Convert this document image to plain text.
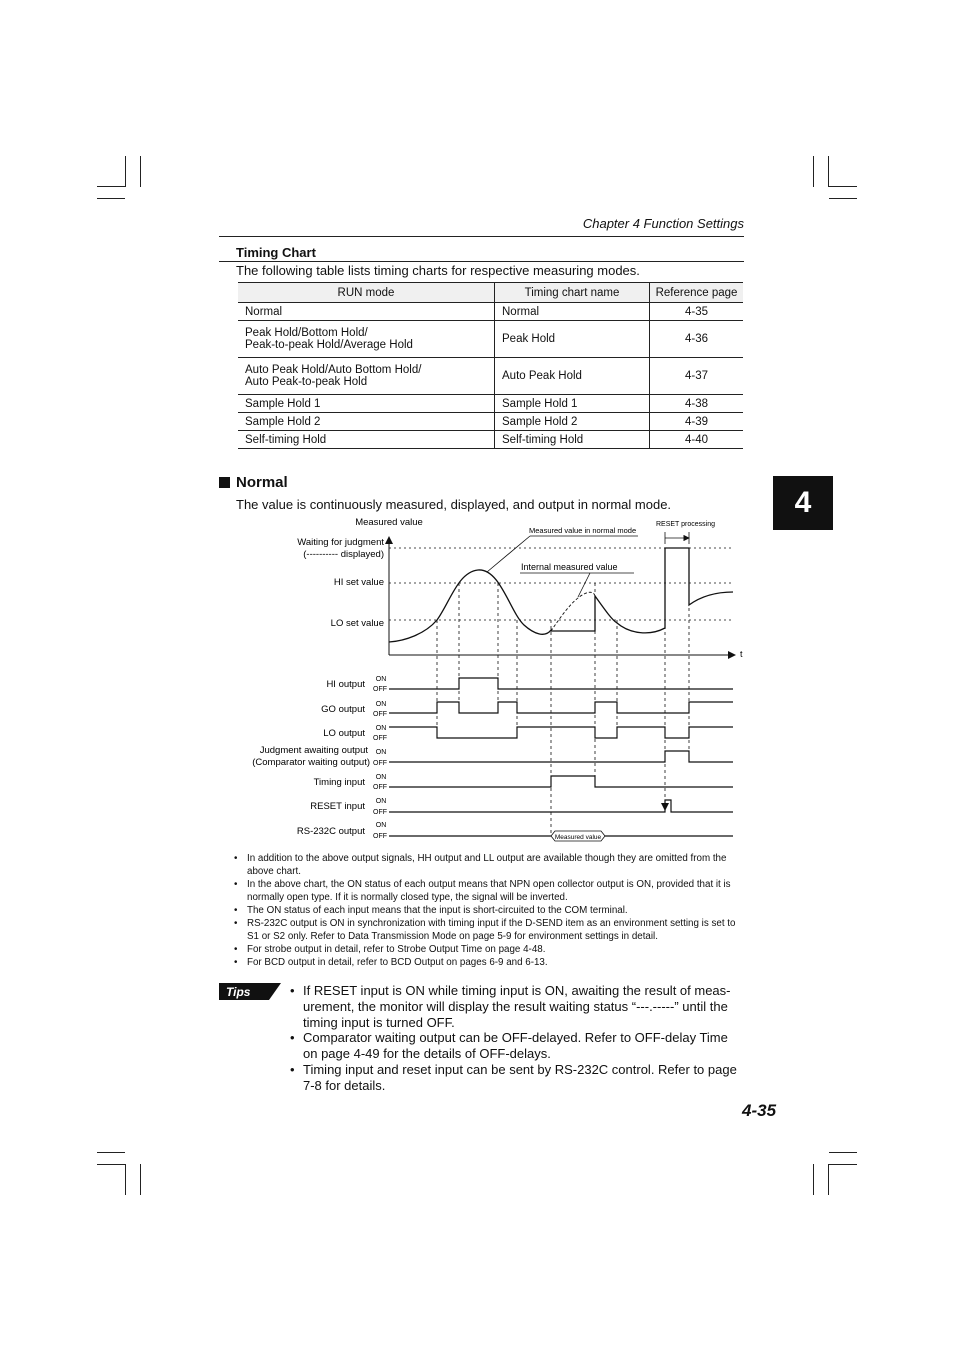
Chapter 4 Function Settings
Timing Chart
The following table lists timing charts for respective measuring modes.
RUN mode	Timing chart name	Reference page
Normal	Normal	4-35
Peak Hold/Bottom Hold/
Peak-to-peak Hold/Average Hold	Peak Hold	4-36
Auto Peak Hold/Auto Bottom Hold/
Auto Peak-to-peak Hold	Auto Peak Hold	4-37
Sample Hold 1	Sample Hold 1	4-38
Sample Hold 2	Sample Hold 2	4-39
Self-timing Hold	Self-timing Hold	4-40
Normal
The value is continuously measured, displayed, and output in normal mode.	4
Measured value
Measured value
Waiting for judgment
(---------- displayed)
HI set value
LO set value
Measured value in normal mode
Internal measured value
RESET processing
t
HI output
GO output
LO output
Judgment awaiting output
(Comparator waiting output)
Timing input
RESET input
RS-232C output
ON
OFF
ON
OFF
ON
OFF
ON
OFF
ON
OFF
ON
OFF
ON
OFF
• In addition to the above output signals, HH output and LL output are available though they are omitted from the above chart.
• In the above chart, the ON status of each output means that NPN open collector output is ON, provided that it is normally open type. If it is normally closed type, the signal will be inverted.
• The ON status of each input means that the input is short-circuited to the COM terminal.
• RS-232C output is ON in synchronization with timing input if the D-SEND item as an environment setting is set to S1 or S2 only. Refer to Data Transmission Mode on page 5-9 for environment settings in detail.
• For strobe output in detail, refer to Strobe Output Time on page 4-48.
• For BCD output in detail, refer to BCD Output on pages 6-9 and 6-13.
Tips	• If RESET input is ON while timing input is ON, awaiting the result of meas-urement, the monitor will display the result waiting status “---.-----” until the timing input is turned OFF.
• Comparator waiting output can be OFF-delayed. Refer to OFF-delay Time on page 4-49 for the details of OFF-delays.
• Timing input and reset input can be sent by RS-232C control. Refer to page 7-8 for details.
4-35
